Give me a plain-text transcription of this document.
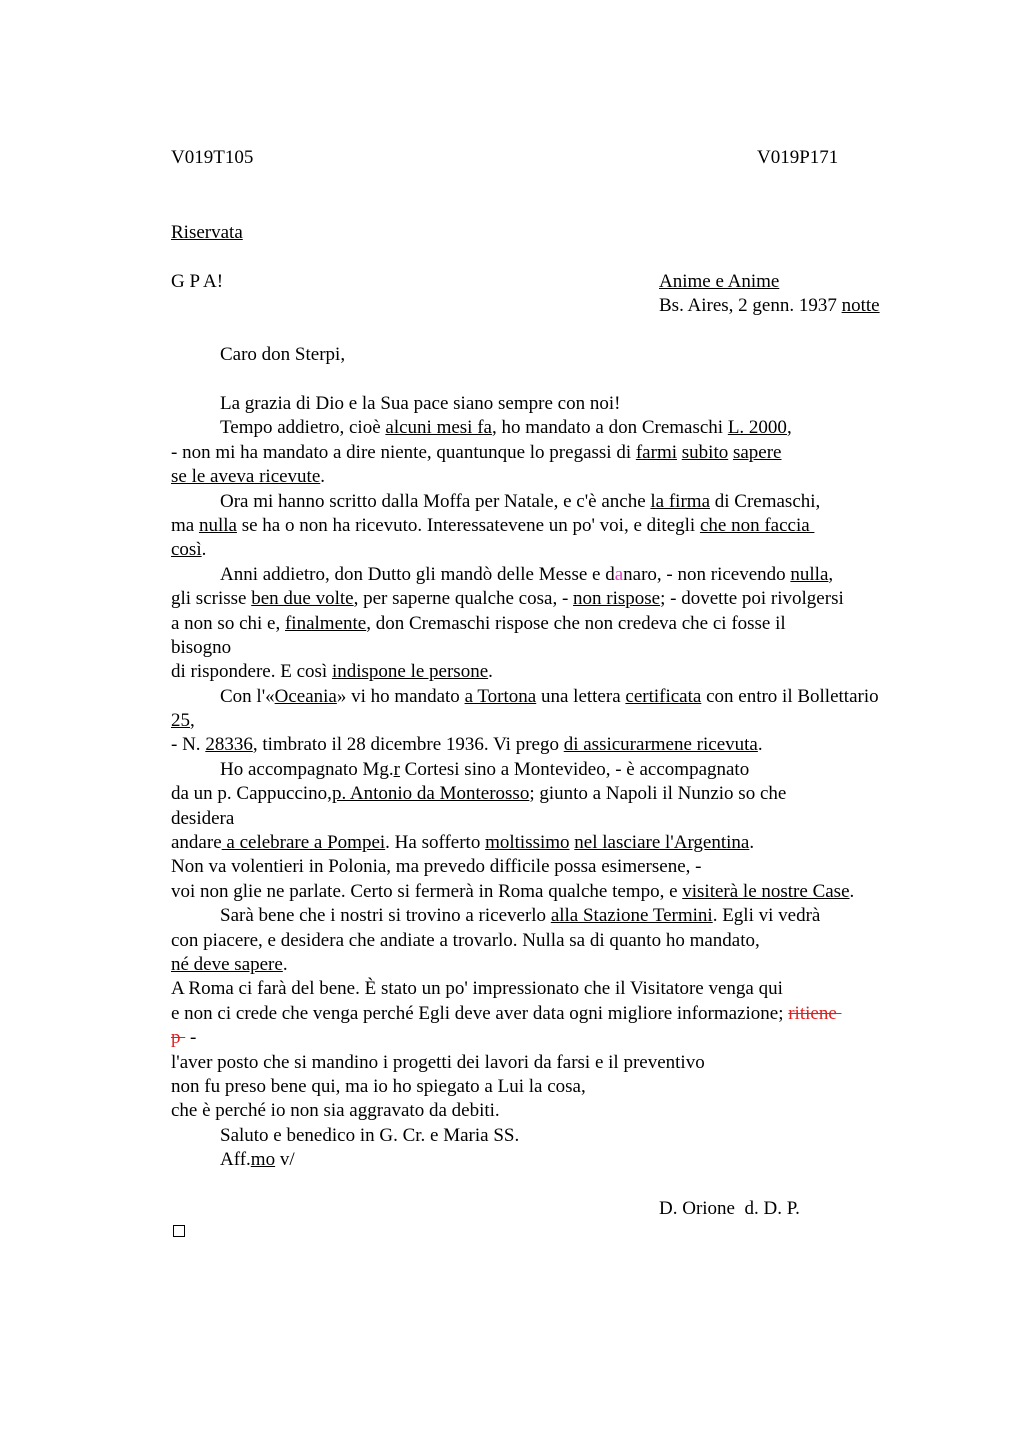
V019T105	V019P171
Riservata
G P A!	Anime e Anime
Bs. Aires, 2 genn. 1937 notte
Caro don Sterpi,
La grazia di Dio e la Sua pace siano sempre con noi!
Tempo addietro, cioè alcuni mesi fa, ho mandato a don Cremaschi L. 2000,
- non mi ha mandato a dire niente, quantunque lo pregassi di farmi subito sapere
se le aveva ricevute.
Ora mi hanno scritto dalla Moffa per Natale, e c'è anche la firma di Cremaschi,
ma nulla se ha o non ha ricevuto. Interessatevene un po' voi, e ditegli che non faccia
così.
Anni addietro, don Dutto gli mandò delle Messe e danaro, - non ricevendo nulla,
gli scrisse ben due volte, per saperne qualche cosa, - non rispose; - dovette poi rivolgersi
a non so chi e, finalmente, don Cremaschi rispose che non credeva che ci fosse il
bisogno
di rispondere. E così indispone le persone.
Con l'«Oceania» vi ho mandato a Tortona una lettera certificata con entro il Bollettario
25,
- N. 28336, timbrato il 28 dicembre 1936. Vi prego di assicurarmene ricevuta.
Ho accompagnato Mg.r Cortesi sino a Montevideo, - è accompagnato
da un p. Cappuccino,p. Antonio da Monterosso; giunto a Napoli il Nunzio so che
desidera
andare a celebrare a Pompei. Ha sofferto moltissimo nel lasciare l'Argentina.
Non va volentieri in Polonia, ma prevedo difficile possa esimersene, -
voi non glie ne parlate. Certo si fermerà in Roma qualche tempo, e visiterà le nostre Case.
Sarà bene che i nostri si trovino a riceverlo alla Stazione Termini. Egli vi vedrà
con piacere, e desidera che andiate a trovarlo. Nulla sa di quanto ho mandato,
né deve sapere.
A Roma ci farà del bene. È stato un po' impressionato che il Visitatore venga qui
e non ci crede che venga perché Egli deve aver data ogni migliore informazione; ritiene
p  -
l'aver posto che si mandino i progetti dei lavori da farsi e il preventivo
non fu preso bene qui, ma io ho spiegato a Lui la cosa,
che è perché io non sia aggravato da debiti.
Saluto e benedico in G. Cr. e Maria SS.
Aff.mo v/
D. Orione  d. D. P.
